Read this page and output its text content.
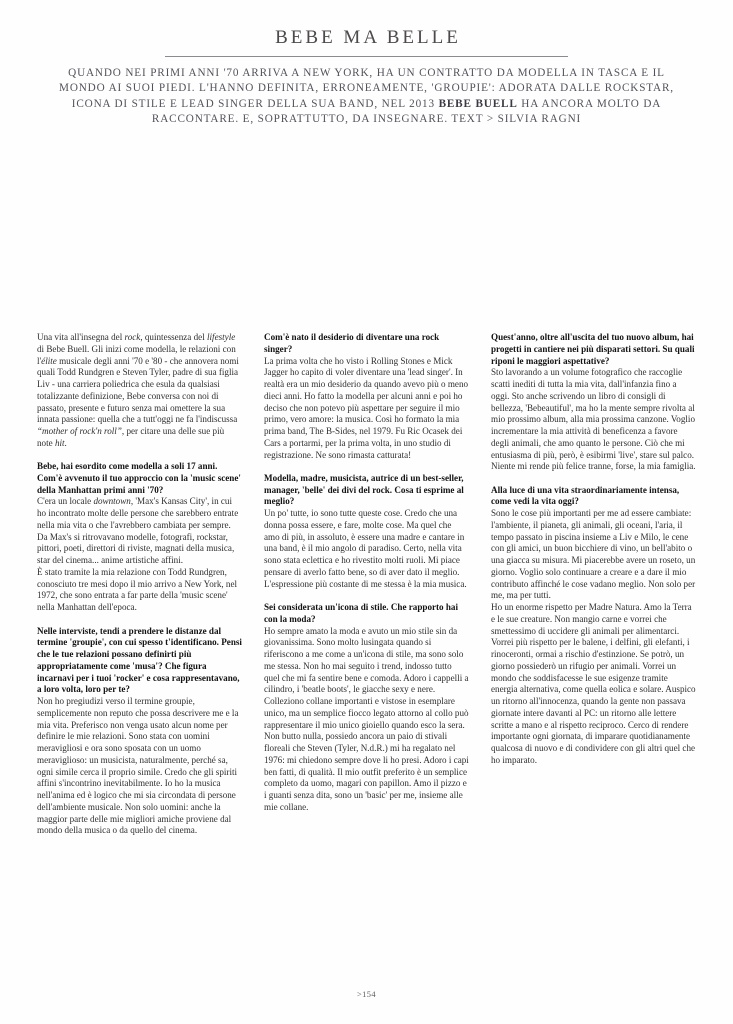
BEBE MA BELLE
QUANDO NEI PRIMI ANNI '70 ARRIVA A NEW YORK, HA UN CONTRATTO DA MODELLA IN TASCA E IL MONDO AI SUOI PIEDI. L'HANNO DEFINITA, ERRONEAMENTE, 'GROUPIE': ADORATA DALLE ROCKSTAR, ICONA DI STILE E LEAD SINGER DELLA SUA BAND, NEL 2013 BEBE BUELL HA ANCORA MOLTO DA RACCONTARE. E, SOPRATTUTTO, DA INSEGNARE. TEXT > SILVIA RAGNI

Una vita all'insegna del rock, quintessenza del lifestyle di Bebe Buell. Gli inizi come modella, le relazioni con l'élite musicale degli anni '70 e '80 - che annovera nomi quali Todd Rundgren e Steven Tyler, padre di sua figlia Liv - una carriera poliedrica che esula da qualsiasi totalizzante definizione, Bebe conversa con noi di passato, presente e futuro senza mai omettere la sua innata passione: quella che a tutt'oggi ne fa l'indiscussa “mother of rock'n roll”, per citare una delle sue più note hit.

Bebe, hai esordito come modella a soli 17 anni. Com'è avvenuto il tuo approccio con la 'music scene' della Manhattan primi anni '70?

C'era un locale downtown, 'Max's Kansas City', in cui ho incontrato molte delle persone che sarebbero entrate nella mia vita o che l'avrebbero cambiata per sempre. Da Max's si ritrovavano modelle, fotografi, rockstar, pittori, poeti, direttori di riviste, magnati della musica, star del cinema... anime artistiche affini.

È stato tramite la mia relazione con Todd Rundgren, conosciuto tre mesi dopo il mio arrivo a New York, nel 1972, che sono entrata a far parte della 'music scene' nella Manhattan dell'epoca.

Nelle interviste, tendi a prendere le distanze dal termine 'groupie', con cui spesso t'identificano. Pensi che le tue relazioni possano definirti più appropriatamente come 'musa'? Che figura incarnavi per i tuoi 'rocker' e cosa rappresentavano, a loro volta, loro per te?

Non ho pregiudizi verso il termine groupie, semplicemente non reputo che possa descrivere me e la mia vita. Preferisco non venga usato alcun nome per definire le mie relazioni. Sono stata con uomini meravigliosi e ora sono sposata con un uomo meraviglioso: un musicista, naturalmente, perché sa, ogni simile cerca il proprio simile. Credo che gli spiriti affini s'incontrino inevitabilmente. Io ho la musica nell'anima ed è logico che mi sia circondata di persone dell'ambiente musicale. Non solo uomini: anche la maggior parte delle mie migliori amiche proviene dal mondo della musica o da quello del cinema.

Com'è nato il desiderio di diventare una rock singer?

La prima volta che ho visto i Rolling Stones e Mick Jagger ho capito di voler diventare una 'lead singer'. In realtà era un mio desiderio da quando avevo più o meno dieci anni. Ho fatto la modella per alcuni anni e poi ho deciso che non potevo più aspettare per seguire il mio primo, vero amore: la musica. Così ho formato la mia prima band, The B-Sides, nel 1979. Fu Ric Ocasek dei Cars a portarmi, per la prima volta, in uno studio di registrazione. Ne sono rimasta catturata!

Modella, madre, musicista, autrice di un best-seller, manager, 'belle' dei divi del rock. Cosa ti esprime al meglio?

Un po' tutte, io sono tutte queste cose. Credo che una donna possa essere, e fare, molte cose. Ma quel che amo di più, in assoluto, è essere una madre e cantare in una band, è il mio angolo di paradiso. Certo, nella vita sono stata eclettica e ho rivestito molti ruoli. Mi piace pensare di averlo fatto bene, so di aver dato il meglio. L'espressione più costante di me stessa è la mia musica.

Sei considerata un'icona di stile. Che rapporto hai con la moda?

Ho sempre amato la moda e avuto un mio stile sin da giovanissima. Sono molto lusingata quando si riferiscono a me come a un'icona di stile, ma sono solo me stessa. Non ho mai seguito i trend, indosso tutto quel che mi fa sentire bene e comoda. Adoro i cappelli a cilindro, i 'beatle boots', le giacche sexy e nere. Colleziono collane importanti e vistose in esemplare unico, ma un semplice fiocco legato attorno al collo può rappresentare il mio unico gioiello quando esco la sera. Non butto nulla, possiedo ancora un paio di stivali floreali che Steven (Tyler, N.d.R.) mi ha regalato nel 1976: mi chiedono sempre dove li ho presi. Adoro i capi ben fatti, di qualità. Il mio outfit preferito è un semplice completo da uomo, magari con papillon. Amo il pizzo e i guanti senza dita, sono un 'basic' per me, insieme alle mie collane.

Quest'anno, oltre all'uscita del tuo nuovo album, hai progetti in cantiere nei più disparati settori. Su quali riponi le maggiori aspettative?

Sto lavorando a un volume fotografico che raccoglie scatti inediti di tutta la mia vita, dall'infanzia fino a oggi. Sto anche scrivendo un libro di consigli di bellezza, 'Bebeautiful', ma ho la mente sempre rivolta al mio prossimo album, alla mia prossima canzone. Voglio incrementare la mia attività di beneficenza a favore degli animali, che amo quanto le persone. Ciò che mi entusiasma di più, però, è esibirmi 'live', stare sul palco. Niente mi rende più felice tranne, forse, la mia famiglia.

Alla luce di una vita straordinariamente intensa, come vedi la vita oggi?

Sono le cose più importanti per me ad essere cambiate: l'ambiente, il pianeta, gli animali, gli oceani, l'aria, il tempo passato in piscina insieme a Liv e Milo, le cene con gli amici, un buon bicchiere di vino, un bell'abito o una giacca su misura. Mi piacerebbe avere un roseto, un giorno. Voglio solo continuare a creare e a dare il mio contributo affinché le cose vadano meglio. Non solo per me, ma per tutti.

Ho un enorme rispetto per Madre Natura. Amo la Terra e le sue creature. Non mangio carne e vorrei che smettessimo di uccidere gli animali per alimentarci. Vorrei più rispetto per le balene, i delfini, gli elefanti, i rinoceronti, ormai a rischio d'estinzione. Se potrò, un giorno possiederò un rifugio per animali. Vorrei un mondo che soddisfacesse le sue esigenze tramite energia alternativa, come quella eolica e solare. Auspico un ritorno all'innocenza, quando la gente non passava giornate intere davanti al PC: un ritorno alle lettere scritte a mano e al rispetto reciproco. Cerco di rendere importante ogni giornata, di imparare quotidianamente qualcosa di nuovo e di condividere con gli altri quel che ho imparato.

>154
